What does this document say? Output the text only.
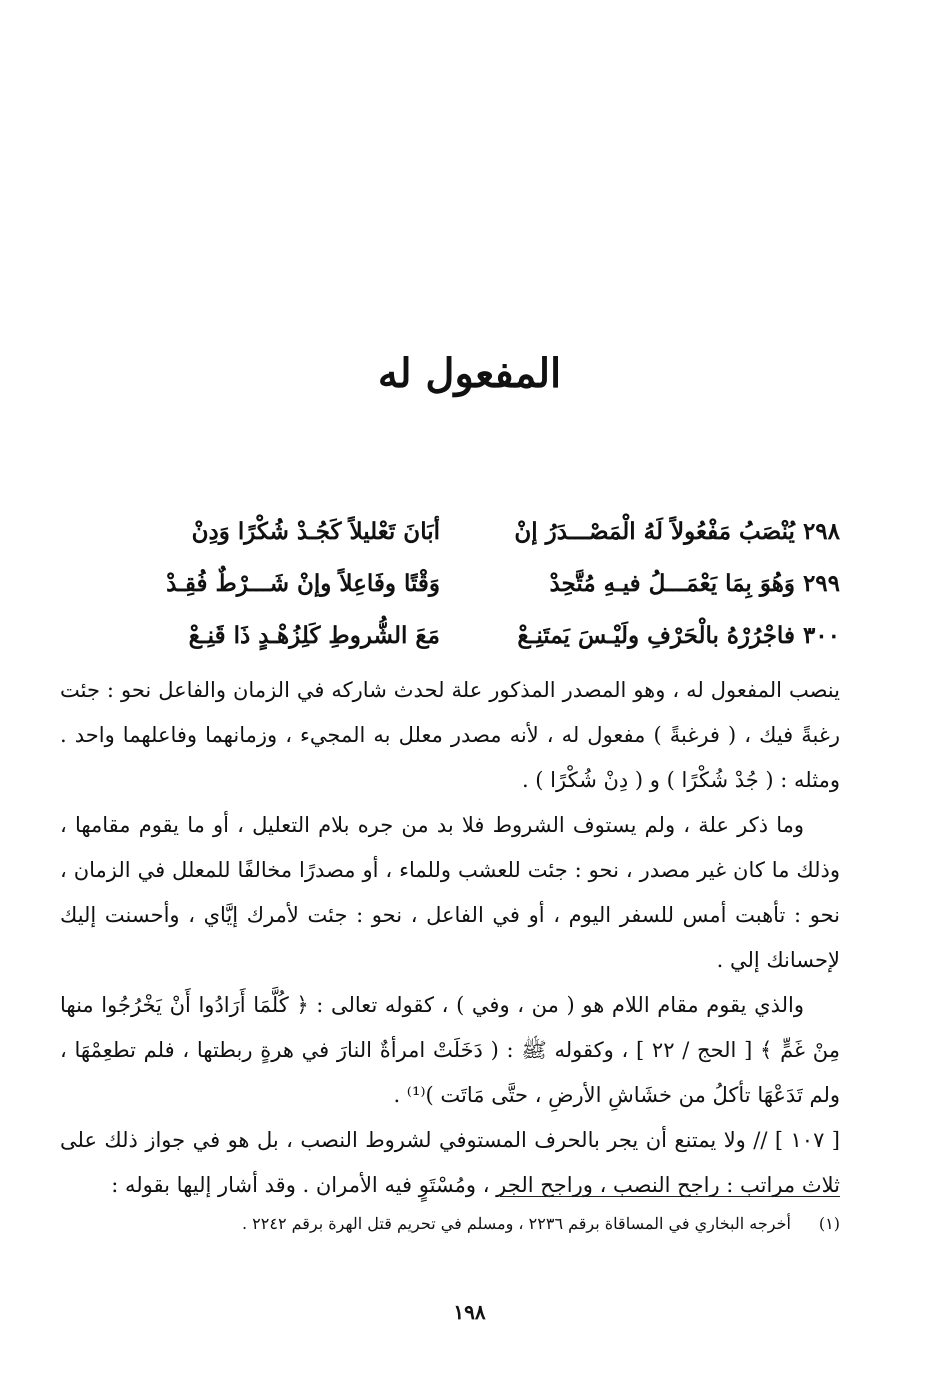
المفعول له
٢٩٨يُنْصَبُ مَفْعُولاً لَهُ الْمَصْـــدَرُ إنْ
أبَانَ تَعْليلاً كَجُـدْ شُكْرًا وَدِنْ
٢٩٩وَهُوَ بِمَا يَعْمَـــلُ فيـهِ مُتَّحِدْ
وَقْتًا وفَاعِلاً وإنْ شَـــرْطٌ فُقِـدْ
٣٠٠فاجْرُرْهُ بالْحَرْفِ ولَيْـسَ يَمتَنِـعْ
مَعَ الشُّروطِ كَلِزُهْـدٍ ذَا قَنِـعْ

ينصب المفعول له ، وهو المصدر المذكور علة لحدث شاركه في الزمان والفاعل نحو : جئت رغبةً فيك ، ( فرغبةً ) مفعول له ، لأنه مصدر معلل به المجيء ، وزمانهما وفاعلهما واحد . ومثله : ( جُدْ شُكْرًا ) و ( دِنْ شُكْرًا ) .

وما ذكر علة ، ولم يستوف الشروط فلا بد من جره بلام التعليل ، أو ما يقوم مقامها ، وذلك ما كان غير مصدر ، نحو : جئت للعشب وللماء ، أو مصدرًا مخالفًا للمعلل في الزمان ، نحو : تأهبت أمس للسفر اليوم ، أو في الفاعل ، نحو : جئت لأمرك إيَّاي ، وأحسنت إليك لإحسانك إلي .

والذي يقوم مقام اللام هو ( من ، وفي ) ، كقوله تعالى : ﴿ كُلَّمَا أَرَادُوا أَنْ يَخْرُجُوا منها مِنْ غَمٍّ ﴾ [ الحج / ٢٢ ] ، وكقوله ﷺ : ( دَخَلَتْ امرأةٌ النارَ في هرةٍ ربطتها ، فلم تطعِمْهَا ، ولم تَدَعْهَا تأكلُ من خشَاشِ الأرضِ ، حتَّى مَاتَت )⁽¹⁾ .

[ ١٠٧ ] // ولا يمتنع أن يجر بالحرف المستوفي لشروط النصب ، بل هو في جواز ذلك على ثلاث مراتب : راجح النصب ، وراجح الجر ، ومُسْتَوٍ فيه الأمران . وقد أشار إليها بقوله :

(١)أخرجه البخاري في المساقاة برقم ٢٢٣٦ ، ومسلم في تحريم قتل الهرة برقم ٢٢٤٢ .
١٩٨
